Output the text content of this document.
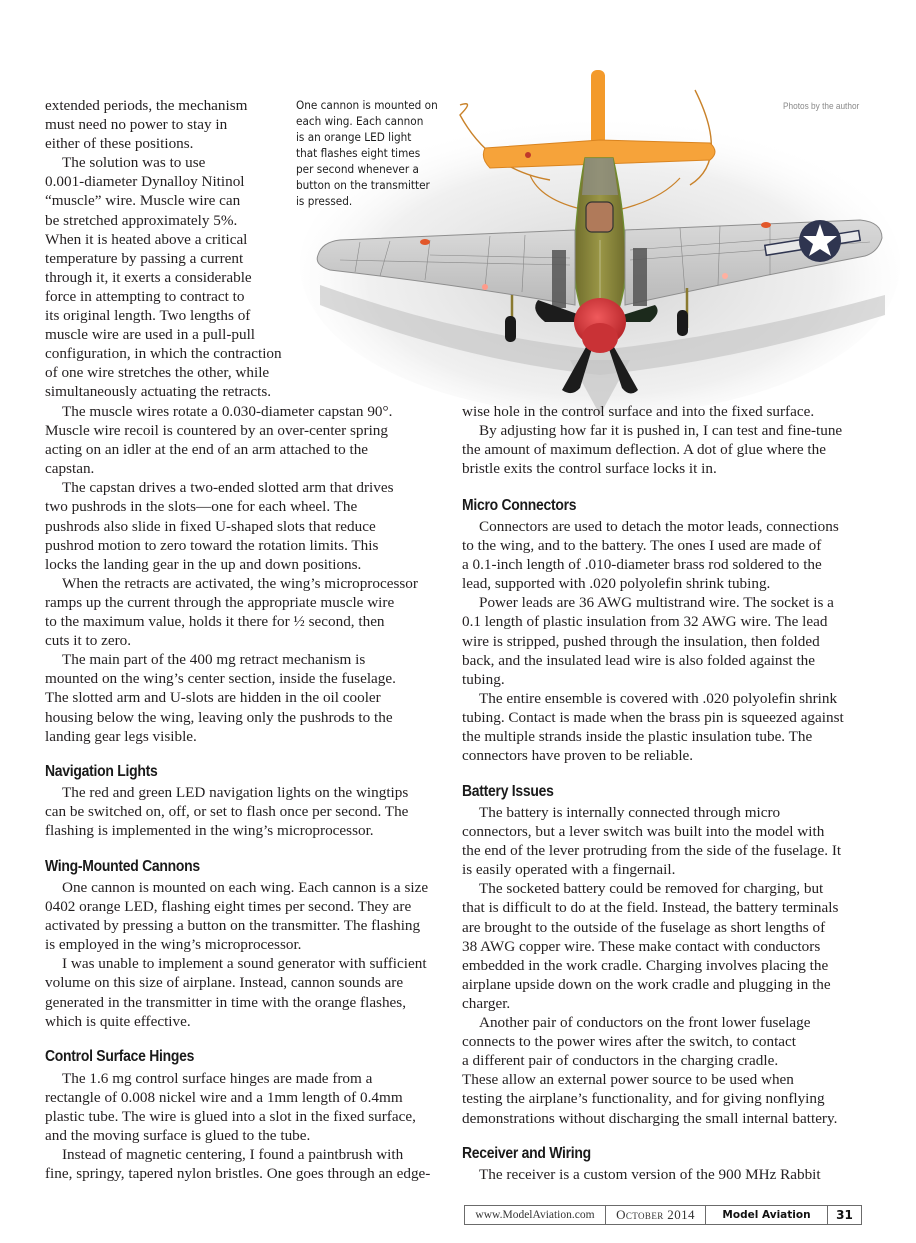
One cannon is mounted on
each wing. Each cannon
is an orange LED light
that flashes eight times
per second whenever a
button on the transmitter
is pressed.
Photos by the author
extended periods, the mechanism
must need no power to stay in
either of these positions.
The solution was to use
0.001-diameter Dynalloy Nitinol
“muscle” wire. Muscle wire can
be stretched approximately 5%.
When it is heated above a critical
temperature by passing a current
through it, it exerts a considerable
force in attempting to contract to
its original length. Two lengths of
muscle wire are used in a pull-pull
configuration, in which the contraction
of one wire stretches the other, while
simultaneously actuating the retracts.
The muscle wires rotate a 0.030-diameter capstan 90°.
Muscle wire recoil is countered by an over-center spring
acting on an idler at the end of an arm attached to the
capstan.
The capstan drives a two-ended slotted arm that drives
two pushrods in the slots—one for each wheel. The
pushrods also slide in fixed U-shaped slots that reduce
pushrod motion to zero toward the rotation limits. This
locks the landing gear in the up and down positions.
When the retracts are activated, the wing’s microprocessor
ramps up the current through the appropriate muscle wire
to the maximum value, holds it there for ½ second, then
cuts it to zero.
The main part of the 400 mg retract mechanism is
mounted on the wing’s center section, inside the fuselage.
The slotted arm and U-slots are hidden in the oil cooler
housing below the wing, leaving only the pushrods to the
landing gear legs visible.
Navigation Lights
The red and green LED navigation lights on the wingtips
can be switched on, off, or set to flash once per second. The
flashing is implemented in the wing’s microprocessor.
Wing-Mounted Cannons
One cannon is mounted on each wing. Each cannon is a size
0402 orange LED, flashing eight times per second. They are
activated by pressing a button on the transmitter. The flashing
is employed in the wing’s microprocessor.
I was unable to implement a sound generator with sufficient
volume on this size of airplane. Instead, cannon sounds are
generated in the transmitter in time with the orange flashes,
which is quite effective.
Control Surface Hinges
The 1.6 mg control surface hinges are made from a
rectangle of 0.008 nickel wire and a 1mm length of 0.4mm
plastic tube. The wire is glued into a slot in the fixed surface,
and the moving surface is glued to the tube.
Instead of magnetic centering, I found a paintbrush with
fine, springy, tapered nylon bristles. One goes through an edge-
wise hole in the control surface and into the fixed surface.
By adjusting how far it is pushed in, I can test and fine-tune
the amount of maximum deflection. A dot of glue where the
bristle exits the control surface locks it in.
Micro Connectors
Connectors are used to detach the motor leads, connections
to the wing, and to the battery. The ones I used are made of
a 0.1-inch length of .010-diameter brass rod soldered to the
lead, supported with .020 polyolefin shrink tubing.
Power leads are 36 AWG multistrand wire. The socket is a
0.1 length of plastic insulation from 32 AWG wire. The lead
wire is stripped, pushed through the insulation, then folded
back, and the insulated lead wire is also folded against the
tubing.
The entire ensemble is covered with .020 polyolefin shrink
tubing. Contact is made when the brass pin is squeezed against
the multiple strands inside the plastic insulation tube. The
connectors have proven to be reliable.
Battery Issues
The battery is internally connected through micro
connectors, but a lever switch was built into the model with
the end of the lever protruding from the side of the fuselage. It
is easily operated with a fingernail.
The socketed battery could be removed for charging, but
that is difficult to do at the field. Instead, the battery terminals
are brought to the outside of the fuselage as short lengths of
38 AWG copper wire. These make contact with conductors
embedded in the work cradle. Charging involves placing the
airplane upside down on the work cradle and plugging in the
charger.
Another pair of conductors on the front lower fuselage
connects to the power wires after the switch, to contact
a different pair of conductors in the charging cradle.
These allow an external power source to be used when
testing the airplane’s functionality, and for giving nonflying
demonstrations without discharging the small internal battery.
Receiver and Wiring
The receiver is a custom version of the 900 MHz Rabbit
www.ModelAviation.com	October 2014	Model Aviation	31
